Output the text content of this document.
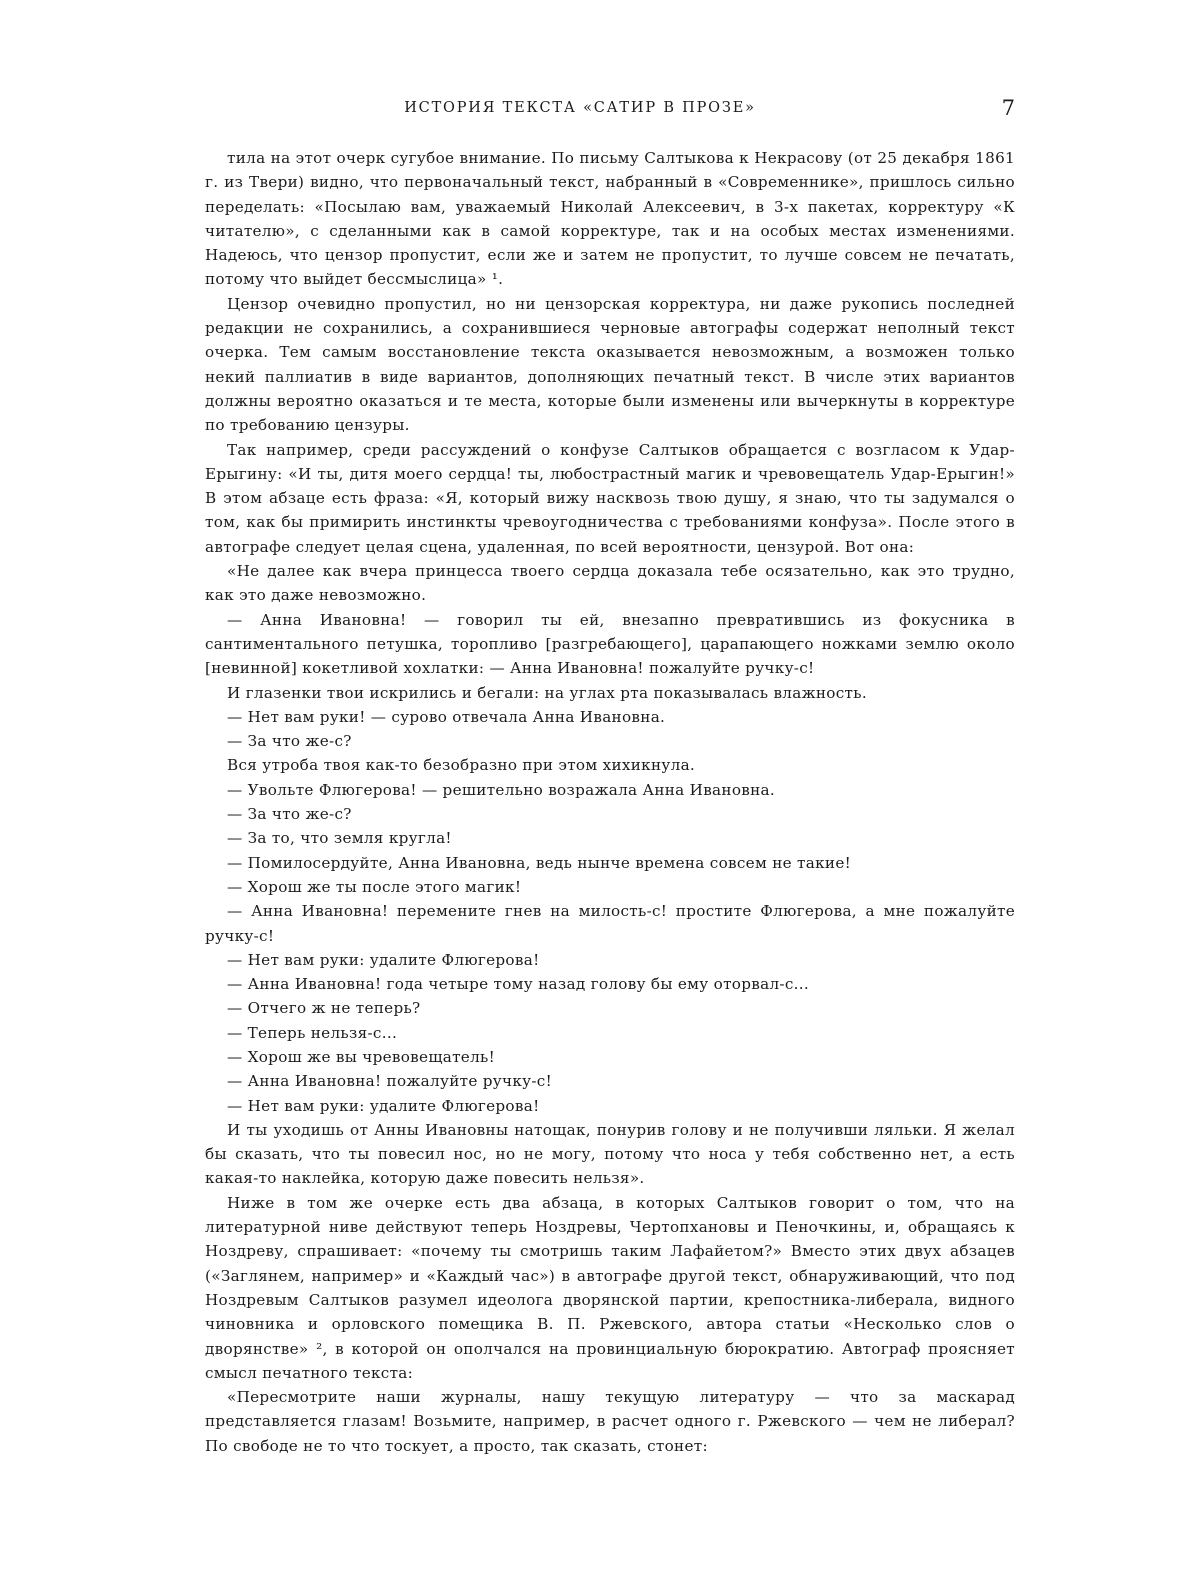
ИСТОРИЯ ТЕКСТА «САТИР В ПРОЗЕ»	7

тила на этот очерк сугубое внимание. По письму Салтыкова к Некрасову (от 25 декабря 1861 г. из Твери) видно, что первоначальный текст, набранный в «Современнике», пришлось сильно переделать: «Посылаю вам, уважаемый Николай Алексеевич, в 3-х пакетах, корректуру «К читателю», с сделанными как в самой корректуре, так и на особых местах изменениями. Надеюсь, что цензор пропустит, если же и затем не пропустит, то лучше совсем не печатать, потому что выйдет бессмыслица» ¹.

Цензор очевидно пропустил, но ни цензорская корректура, ни даже рукопись последней редакции не сохранились, а сохранившиеся черновые автографы содержат неполный текст очерка. Тем самым восстановление текста оказывается невозможным, а возможен только некий паллиатив в виде вариантов, дополняющих печатный текст. В числе этих вариантов должны вероятно оказаться и те места, которые были изменены или вычеркнуты в корректуре по требованию цензуры.

Так например, среди рассуждений о конфузе Салтыков обращается с возгласом к Удар-Ерыгину: «И ты, дитя моего сердца! ты, любострастный магик и чревовещатель Удар-Ерыгин!» В этом абзаце есть фраза: «Я, который вижу насквозь твою душу, я знаю, что ты задумался о том, как бы примирить инстинкты чревоугодничества с требованиями конфуза». После этого в автографе следует целая сцена, удаленная, по всей вероятности, цензурой. Вот она:

«Не далее как вчера принцесса твоего сердца доказала тебе осязательно, как это трудно, как это даже невозможно.

— Анна Ивановна! — говорил ты ей, внезапно превратившись из фокусника в сантиментального петушка, торопливо [разгребающего], царапающего ножками землю около [невинной] кокетливой хохлатки: — Анна Ивановна! пожалуйте ручку-с!

И глазенки твои искрились и бегали: на углах рта показывалась влажность.

— Нет вам руки! — сурово отвечала Анна Ивановна.

— За что же-с?

Вся утроба твоя как-то безобразно при этом хихикнула.

— Увольте Флюгерова! — решительно возражала Анна Ивановна.

— За что же-с?

— За то, что земля кругла!

— Помилосердуйте, Анна Ивановна, ведь нынче времена совсем не такие!

— Хорош же ты после этого магик!

— Анна Ивановна! перемените гнев на милость-с! простите Флюгерова, а мне пожалуйте ручку-с!

— Нет вам руки: удалите Флюгерова!

— Анна Ивановна! года четыре тому назад голову бы ему оторвал-с...

— Отчего ж не теперь?

— Теперь нельзя-с...

— Хорош же вы чревовещатель!

— Анна Ивановна! пожалуйте ручку-с!

— Нет вам руки: удалите Флюгерова!

И ты уходишь от Анны Ивановны натощак, понурив голову и не получивши ляльки. Я желал бы сказать, что ты повесил нос, но не могу, потому что носа у тебя собственно нет, а есть какая-то наклейка, которую даже повесить нельзя».

Ниже в том же очерке есть два абзаца, в которых Салтыков говорит о том, что на литературной ниве действуют теперь Ноздревы, Чертопхановы и Пеночкины, и, обращаясь к Ноздреву, спрашивает: «почему ты смотришь таким Лафайетом?» Вместо этих двух абзацев («Заглянем, например» и «Каждый час») в автографе другой текст, обнаруживающий, что под Ноздревым Салтыков разумел идеолога дворянской партии, крепостника-либерала, видного чиновника и орловского помещика В. П. Ржевского, автора статьи «Несколько слов о дворянстве» ², в которой он ополчался на провинциальную бюрократию. Автограф проясняет смысл печатного текста:

«Пересмотрите наши журналы, нашу текущую литературу — что за маскарад представляется глазам! Возьмите, например, в расчет одного г. Ржевского — чем не либерал? По свободе не то что тоскует, а просто, так сказать, стонет:
